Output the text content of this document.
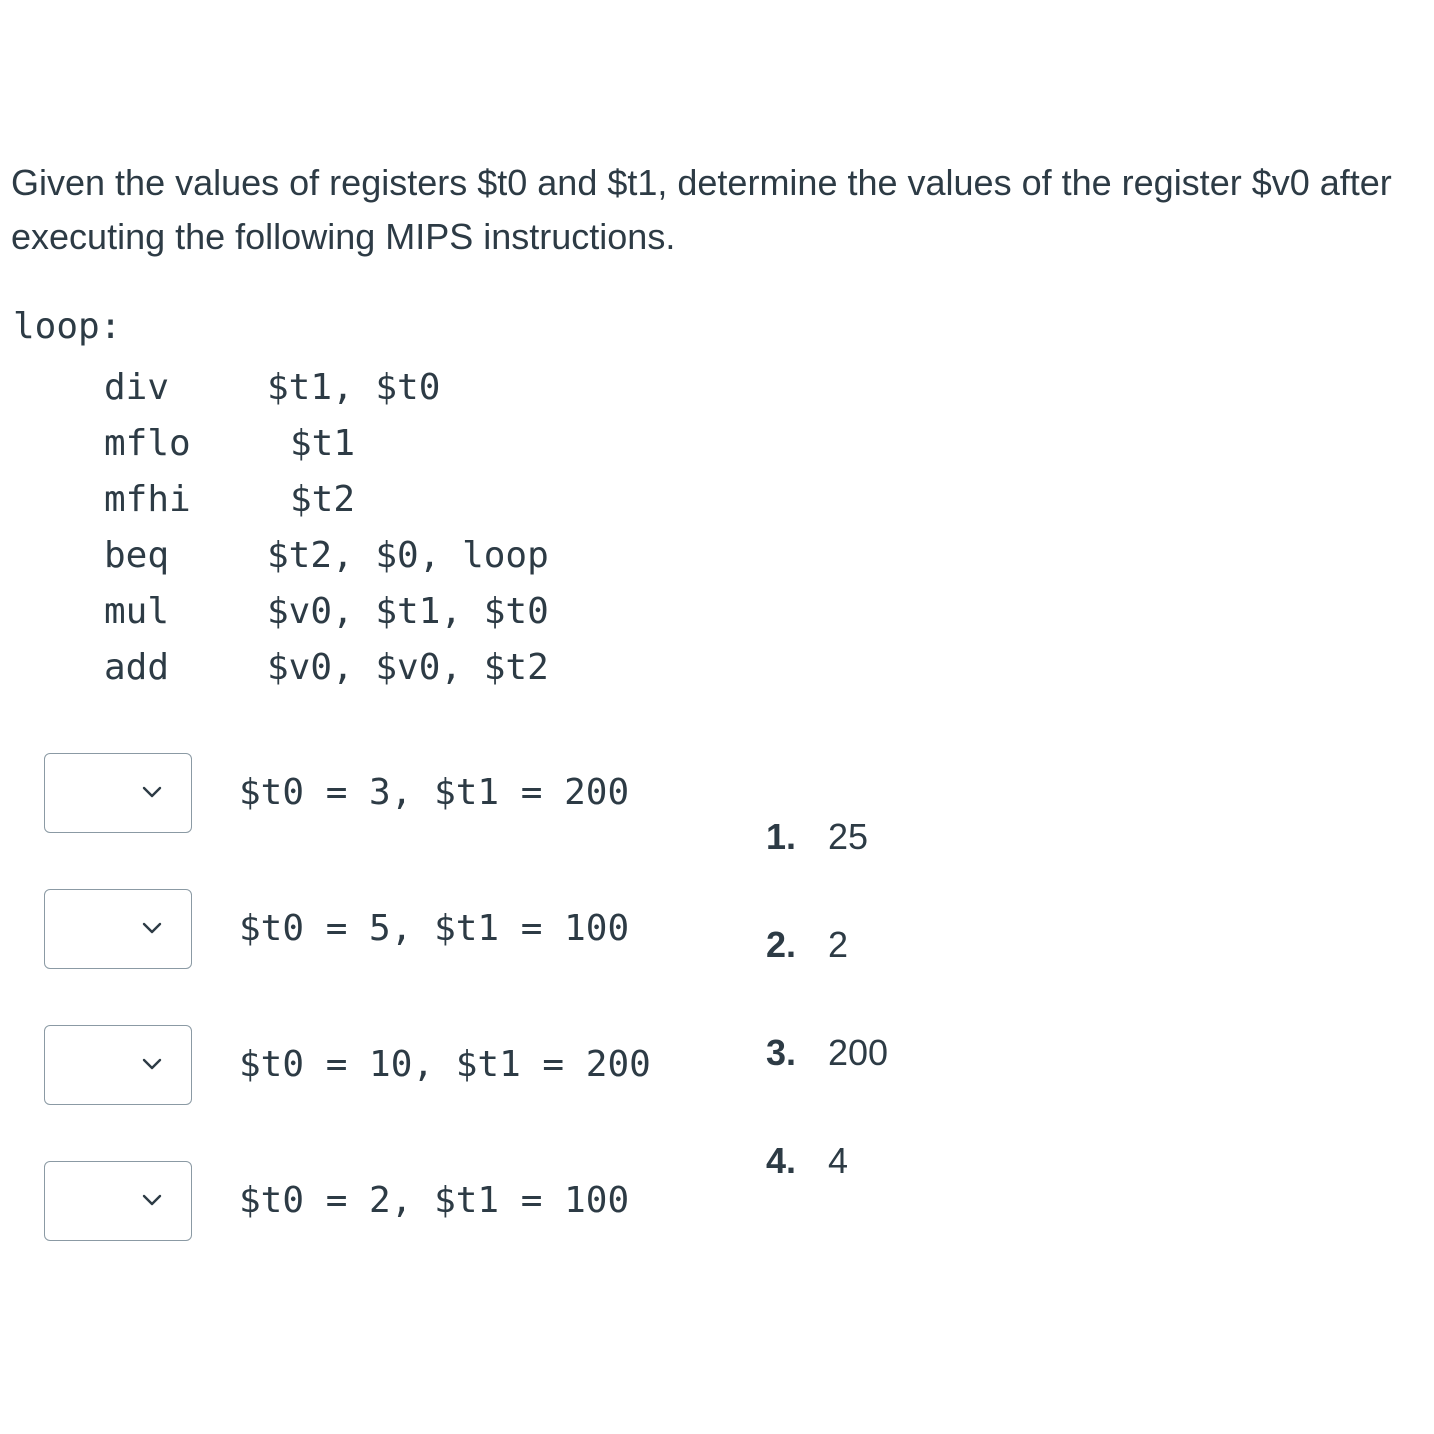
Given the values of registers $t0 and $t1, determine the values of the register $v0 after executing the following MIPS instructions.
loop:
div	$t1, $t0
mflo	$t1
mfhi	$t2
beq	$t2, $0, loop
mul	$v0, $t1, $t0
add	$v0, $v0, $t2
$t0 = 3, $t1 = 200
$t0 = 5, $t1 = 100
$t0 = 10, $t1 = 200
$t0 = 2, $t1 = 100
1. 25
2. 2
3. 200
4. 4
